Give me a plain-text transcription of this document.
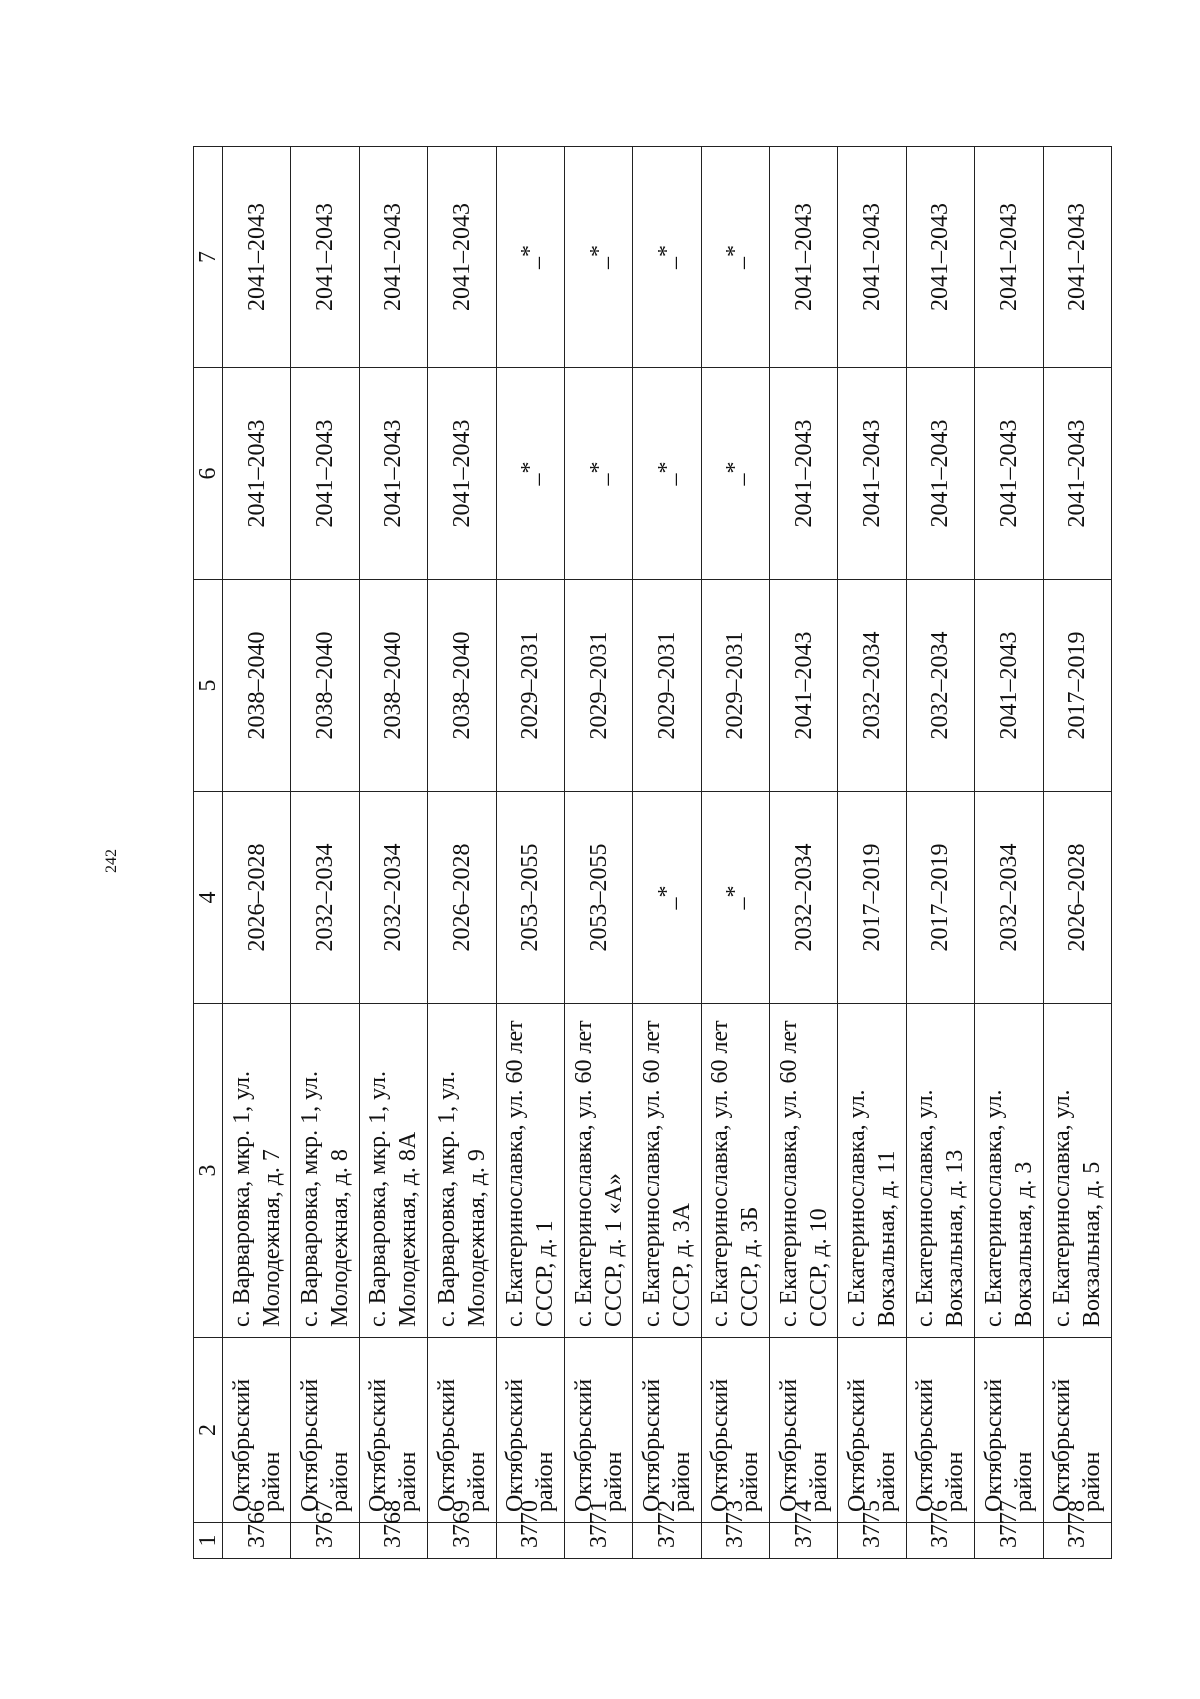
242
1	2	3	4	5	6	7
3766	Октябрьский район	с. Варваровка, мкр. 1, ул. Молодежная, д. 7	2026–2028	2038–2040	2041–2043	2041–2043
3767	Октябрьский район	с. Варваровка, мкр. 1, ул. Молодежная, д. 8	2032–2034	2038–2040	2041–2043	2041–2043
3768	Октябрьский район	с. Варваровка, мкр. 1, ул. Молодежная, д. 8А	2032–2034	2038–2040	2041–2043	2041–2043
3769	Октябрьский район	с. Варваровка, мкр. 1, ул. Молодежная, д. 9	2026–2028	2038–2040	2041–2043	2041–2043
3770	Октябрьский район	с. Екатеринославка, ул. 60 лет СССР, д. 1	2053–2055	2029–2031	_*	_*
3771	Октябрьский район	с. Екатеринославка, ул. 60 лет СССР, д. 1 «А»	2053–2055	2029–2031	_*	_*
3772	Октябрьский район	с. Екатеринославка, ул. 60 лет СССР, д. 3А	_*	2029–2031	_*	_*
3773	Октябрьский район	с. Екатеринославка, ул. 60 лет СССР, д. 3Б	_*	2029–2031	_*	_*
3774	Октябрьский район	с. Екатеринославка, ул. 60 лет СССР, д. 10	2032–2034	2041–2043	2041–2043	2041–2043
3775	Октябрьский район	с. Екатеринославка, ул. Вокзальная, д. 11	2017–2019	2032–2034	2041–2043	2041–2043
3776	Октябрьский район	с. Екатеринославка, ул. Вокзальная, д. 13	2017–2019	2032–2034	2041–2043	2041–2043
3777	Октябрьский район	с. Екатеринославка, ул. Вокзальная, д. 3	2032–2034	2041–2043	2041–2043	2041–2043
3778	Октябрьский район	с. Екатеринославка, ул. Вокзальная, д. 5	2026–2028	2017–2019	2041–2043	2041–2043
